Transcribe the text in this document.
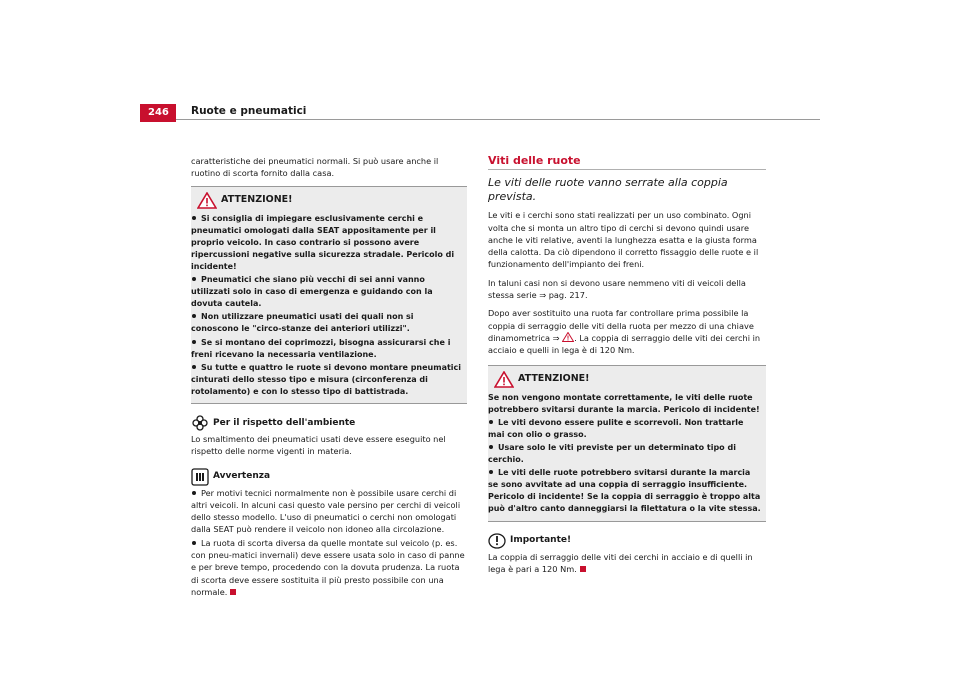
246	Ruote e pneumatici

caratteristiche dei pneumatici normali. Si può usare anche il ruotino di scorta fornito dalla casa.

ATTENZIONE!
Si consiglia di impiegare esclusivamente cerchi e pneumatici omologati dalla SEAT appositamente per il proprio veicolo. In caso contrario si possono avere ripercussioni negative sulla sicurezza stradale. Pericolo di incidente!
Pneumatici che siano più vecchi di sei anni vanno utilizzati solo in caso di emergenza e guidando con la dovuta cautela.
Non utilizzare pneumatici usati dei quali non si conoscono le "circo-stanze dei anteriori utilizzi".
Se si montano dei coprimozzi, bisogna assicurarsi che i freni ricevano la necessaria ventilazione.
Su tutte e quattro le ruote si devono montare pneumatici cinturati dello stesso tipo e misura (circonferenza di rotolamento) e con lo stesso tipo di battistrada.
Per il rispetto dell'ambiente

Lo smaltimento dei pneumatici usati deve essere eseguito nel rispetto delle norme vigenti in materia.

Avvertenza
Per motivi tecnici normalmente non è possibile usare cerchi di altri veicoli. In alcuni casi questo vale persino per cerchi di veicoli dello stesso modello. L'uso di pneumatici o cerchi non omologati dalla SEAT può rendere il veicolo non idoneo alla circolazione.
La ruota di scorta diversa da quelle montate sul veicolo (p. es. con pneu-matici invernali) deve essere usata solo in caso di panne e per breve tempo, procedendo con la dovuta prudenza. La ruota di scorta deve essere sostituita il più presto possibile con una normale.
Viti delle ruote
Le viti delle ruote vanno serrate alla coppia prevista.

Le viti e i cerchi sono stati realizzati per un uso combinato. Ogni volta che si monta un altro tipo di cerchi si devono quindi usare anche le viti relative, aventi la lunghezza esatta e la giusta forma della calotta. Da ciò dipendono il corretto fissaggio delle ruote e il funzionamento dell'impianto dei freni.

In taluni casi non si devono usare nemmeno viti di veicoli della stessa serie ⇒ pag. 217.

Dopo aver sostituito una ruota far controllare prima possibile la coppia di serraggio delle viti della ruota per mezzo di una chiave dinamometrica ⇒ . La coppia di serraggio delle viti dei cerchi in acciaio e quelli in lega è di 120 Nm.

ATTENZIONE!

Se non vengono montate correttamente, le viti delle ruote potrebbero svitarsi durante la marcia. Pericolo di incidente!

Le viti devono essere pulite e scorrevoli. Non trattarle mai con olio o grasso.
Usare solo le viti previste per un determinato tipo di cerchio.
Le viti delle ruote potrebbero svitarsi durante la marcia se sono avvitate ad una coppia di serraggio insufficiente. Pericolo di incidente! Se la coppia di serraggio è troppo alta può d'altro canto danneggiarsi la filettatura o la vite stessa.
Importante!

La coppia di serraggio delle viti dei cerchi in acciaio e di quelli in lega è pari a 120 Nm.
